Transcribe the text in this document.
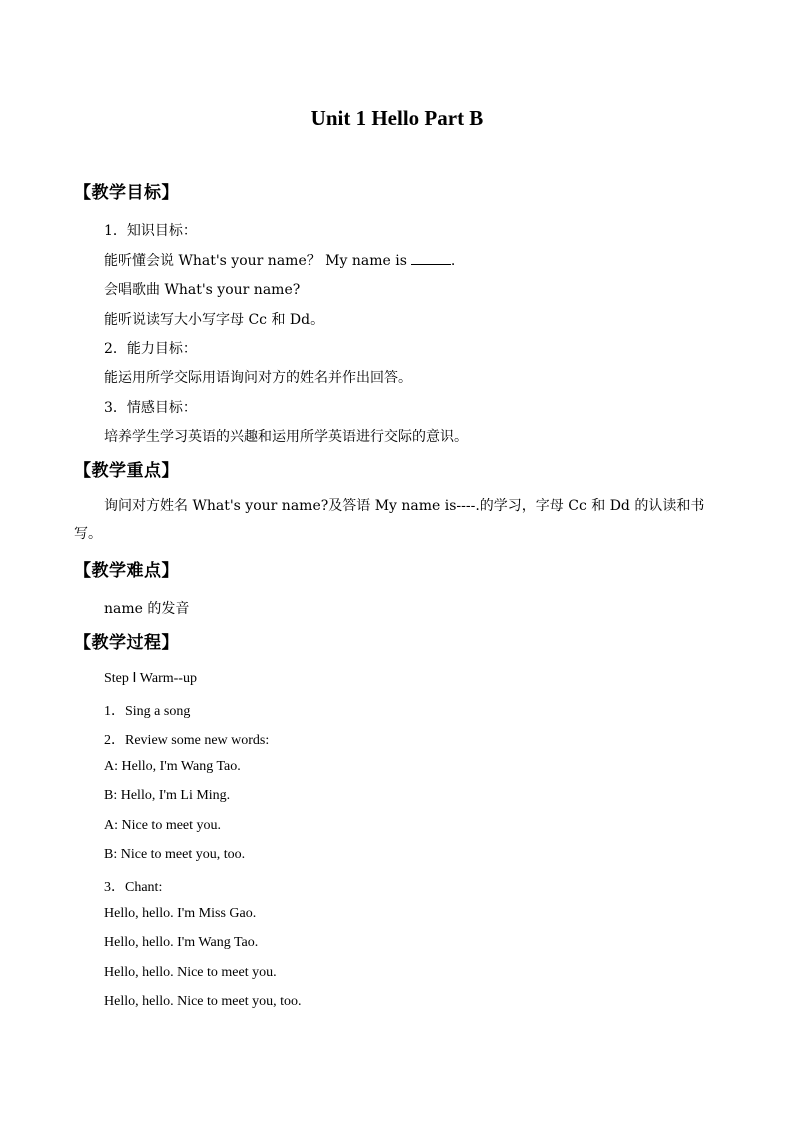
Unit 1 Hello Part B
【教学目标】
1．知识目标：
能听懂会说 What's your name？ My name is	.
会唱歌曲 What's your name?
能听说读写大小写字母 Cc 和 Dd。
2．能力目标：
能运用所学交际用语询问对方的姓名并作出回答。
3．情感目标：
培养学生学习英语的兴趣和运用所学英语进行交际的意识。
【教学重点】
询问对方姓名 What's your name?及答语 My name is----.的学习，字母 Cc 和 Dd 的认读和书写。
【教学难点】
name 的发音
【教学过程】
Step Ⅰ Warm--up
1．Sing a song
2．Review some new words:
A: Hello, I'm Wang Tao.
B: Hello, I'm Li Ming.
A: Nice to meet you.
B: Nice to meet you, too.
3．Chant:
Hello, hello. I'm Miss Gao.
Hello, hello. I'm Wang Tao.
Hello, hello. Nice to meet you.
Hello, hello. Nice to meet you, too.
